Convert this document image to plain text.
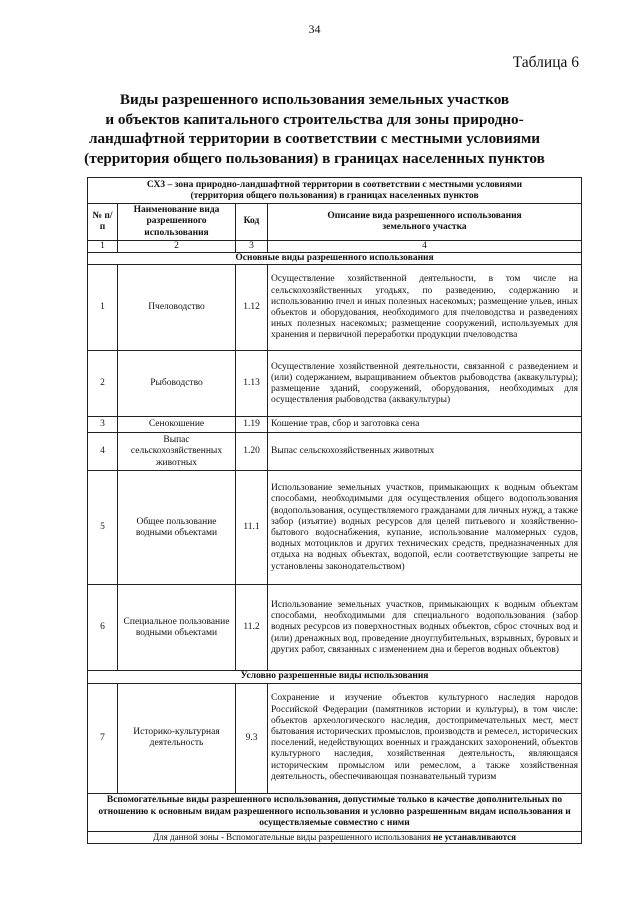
34
Таблица 6
Виды разрешенного использования земельных участков
и объектов капитального строительства для зоны природно-
ландшафтной территории в соответствии с местными условиями
(территория общего пользования) в границах населенных пунктов
СХ3 – зона природно-ландшафтной территории в соответствии с местными условиями
(территория общего пользования) в границах населенных пунктов			

№ п/п	Наименование вида разрешенного использования	Код	Описание вида разрешенного использования земельного участка
1	2	3	4
Основные виды разрешенного использования			
1	Пчеловодство	1.12	Осуществление хозяйственной деятельности, в том числе на сельскохозяйственных угодьях, по разведению, содержанию и использованию пчел и иных полезных насекомых; размещение ульев, иных объектов и оборудования, необходимого для пчеловодства и разведениях иных полезных насекомых; размещение сооружений, используемых для хранения и первичной переработки продукции пчеловодства
2	Рыбоводство	1.13	Осуществление хозяйственной деятельности, связанной с разведением и (или) содержанием, выращиванием объектов рыбоводства (аквакультуры); размещение зданий, сооружений, оборудования, необходимых для осуществления рыбоводства (аквакультуры)
3	Сенокошение	1.19	Кошение трав, сбор и заготовка сена
4	Выпас сельскохозяйственных животных	1.20	Выпас сельскохозяйственных животных
5	Общее пользование водными объектами	11.1	Использование земельных участков, примыкающих к водным объектам способами, необходимыми для осуществления общего водопользования (водопользования, осуществляемого гражданами для личных нужд, а также забор (изъятие) водных ресурсов для целей питьевого и хозяйственно-бытового водоснабжения, купание, использование маломерных судов, водных мотоциклов и других технических средств, предназначенных для отдыха на водных объектах, водопой, если соответствующие запреты не установлены законодательством)
6	Специальное пользование водными объектами	11.2	Использование земельных участков, примыкающих к водным объектам способами, необходимыми для специального водопользования (забор водных ресурсов из поверхностных водных объектов, сброс сточных вод и (или) дренажных вод, проведение дноуглубительных, взрывных, буровых и других работ, связанных с изменением дна и берегов водных объектов)
Условно разрешенные виды использования			
7	Историко-культурная деятельность	9.3	Сохранение и изучение объектов культурного наследия народов Российской Федерации (памятников истории и культуры), в том числе: объектов археологического наследия, достопримечательных мест, мест бытования исторических промыслов, производств и ремесел, исторических поселений, недействующих военных и гражданских захоронений, объектов культурного наследия, хозяйственная деятельность, являющаяся историческим промыслом или ремеслом, а также хозяйственная деятельность, обеспечивающая познавательный туризм
Вспомогательные виды разрешенного использования, допустимые только в качестве дополнительных по отношению к основным видам разрешенного использования и условно разрешенным видам использования и осуществляемые совместно с ними			
Для данной зоны - Вспомогательные виды разрешенного использования не устанавливаются			
